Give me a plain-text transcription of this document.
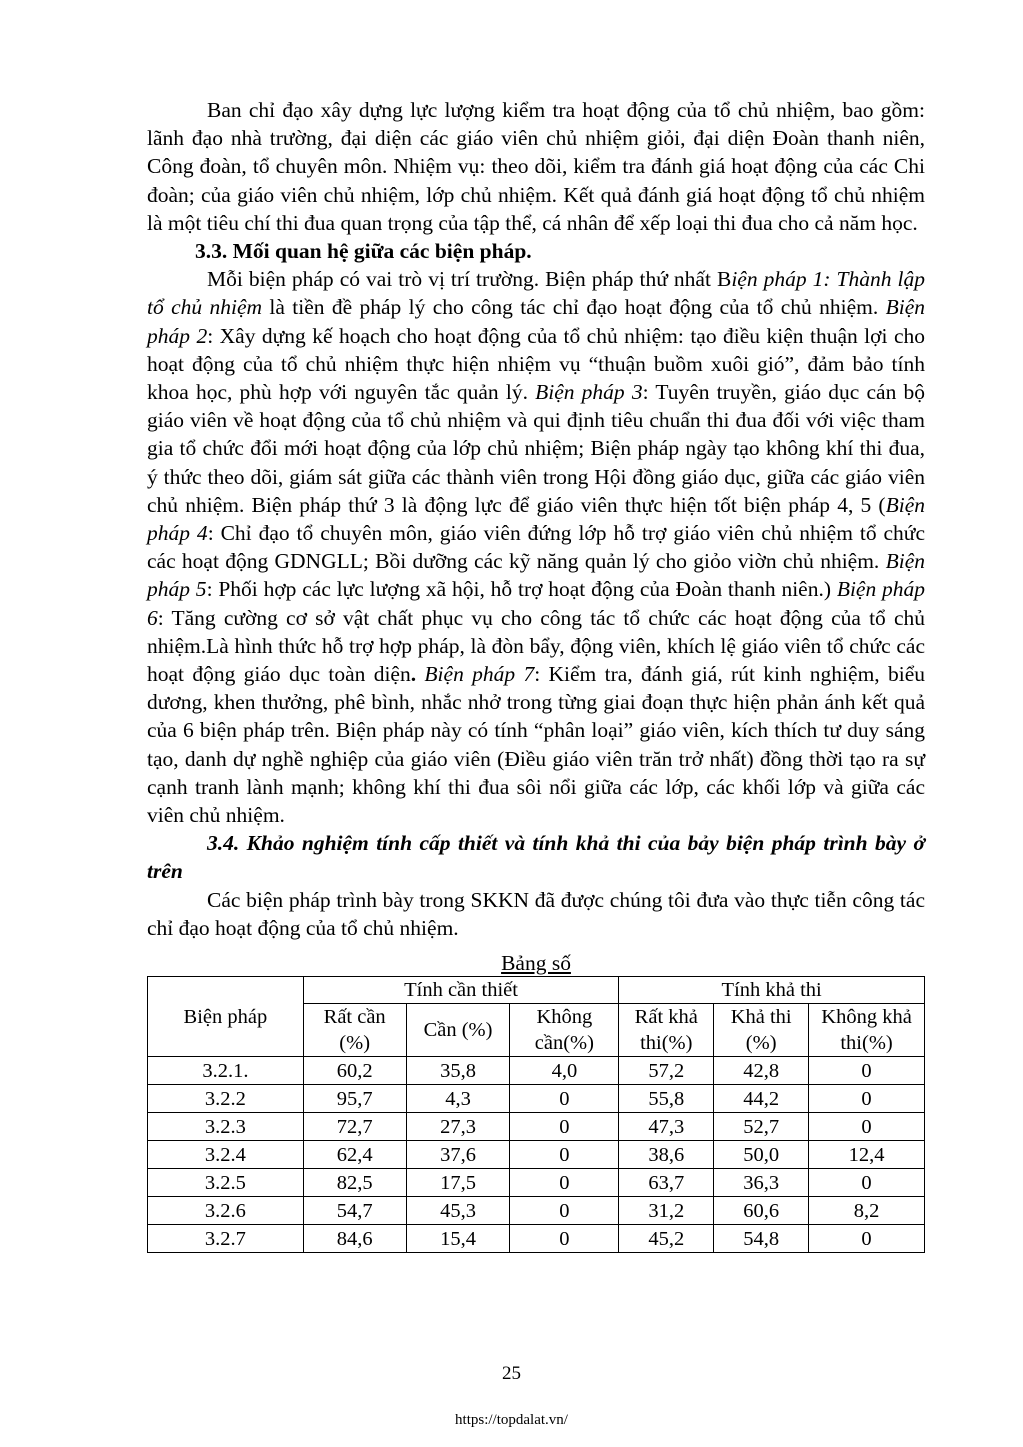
Ban chỉ đạo xây dựng lực lượng kiểm tra hoạt động của tổ chủ nhiệm, bao gồm: lãnh đạo nhà trường, đại diện các giáo viên chủ nhiệm giỏi, đại diện Đoàn thanh niên, Công đoàn, tổ chuyên môn. Nhiệm vụ: theo dõi, kiểm tra đánh giá hoạt động của các Chi đoàn; của giáo viên chủ nhiệm, lớp chủ nhiệm. Kết quả đánh giá hoạt động tổ chủ nhiệm là một tiêu chí thi đua quan trọng của tập thể, cá nhân để xếp loại thi đua cho cả năm học.

3.3. Mối quan hệ giữa các biện pháp.

Mỗi biện pháp có vai trò vị trí trường. Biện pháp thứ nhất Biện pháp 1: Thành lập tổ chủ nhiệm là tiền đề pháp lý cho công tác chỉ đạo hoạt động của tổ chủ nhiệm. Biện pháp 2: Xây dựng kế hoạch cho hoạt động của tổ chủ nhiệm: tạo điều kiện thuận lợi cho hoạt động của tổ chủ nhiệm thực hiện nhiệm vụ “thuận buồm xuôi gió”, đảm bảo tính khoa học, phù hợp với nguyên tắc quản lý. Biện pháp 3: Tuyên truyền, giáo dục cán bộ giáo viên về hoạt động của tổ chủ nhiệm và qui định tiêu chuẩn thi đua đối với việc tham gia tổ chức đổi mới hoạt động của lớp chủ nhiệm; Biện pháp ngày tạo không khí thi đua, ý thức theo dõi, giám sát giữa các thành viên trong Hội đồng giáo dục, giữa các giáo viên chủ nhiệm. Biện pháp thứ 3 là động lực để giáo viên thực hiện tốt biện pháp 4, 5 (Biện pháp 4: Chỉ đạo tổ chuyên môn, giáo viên đứng lớp hỗ trợ giáo viên chủ nhiệm tổ chức các hoạt động GDNGLL; Bồi dưỡng các kỹ năng quản lý cho giỏo viờn chủ nhiệm. Biện pháp 5: Phối hợp các lực lượng xã hội, hỗ trợ hoạt động của Đoàn thanh niên.) Biện pháp 6: Tăng cường cơ sở vật chất phục vụ cho công tác tổ chức các hoạt động của tổ chủ nhiệm.Là hình thức hỗ trợ hợp pháp, là đòn bẩy, động viên, khích lệ giáo viên tổ chức các hoạt động giáo dục toàn diện. Biện pháp 7: Kiểm tra, đánh giá, rút kinh nghiệm, biểu dương, khen thưởng, phê bình, nhắc nhở trong từng giai đoạn thực hiện phản ánh kết quả của 6 biện pháp trên. Biện pháp này có tính “phân loại” giáo viên, kích thích tư duy sáng tạo, danh dự nghề nghiệp của giáo viên (Điều giáo viên trăn trở nhất) đồng thời tạo ra sự cạnh tranh lành mạnh; không khí thi đua sôi nổi giữa các lớp, các khối lớp và giữa các viên chủ nhiệm.

3.4. Khảo nghiệm tính cấp thiết và tính khả thi của bảy biện pháp trình bày ở trên

Các biện pháp trình bày trong SKKN đã được chúng tôi đưa vào thực tiễn công tác chỉ đạo hoạt động của tổ chủ nhiệm.

Bảng số
Biện pháp	Tính cần thiết			Tính khả thi		
	Rất cần (%)	Cần (%)	Không cần(%)	Rất khả thi(%)	Khả thi (%)	Không khả thi(%)
3.2.1.	60,2	35,8	4,0	57,2	42,8	0
3.2.2	95,7	4,3	0	55,8	44,2	0
3.2.3	72,7	27,3	0	47,3	52,7	0
3.2.4	62,4	37,6	0	38,6	50,0	12,4
3.2.5	82,5	17,5	0	63,7	36,3	0
3.2.6	54,7	45,3	0	31,2	60,6	8,2
3.2.7	84,6	15,4	0	45,2	54,8	0
25
https://topdalat.vn/
